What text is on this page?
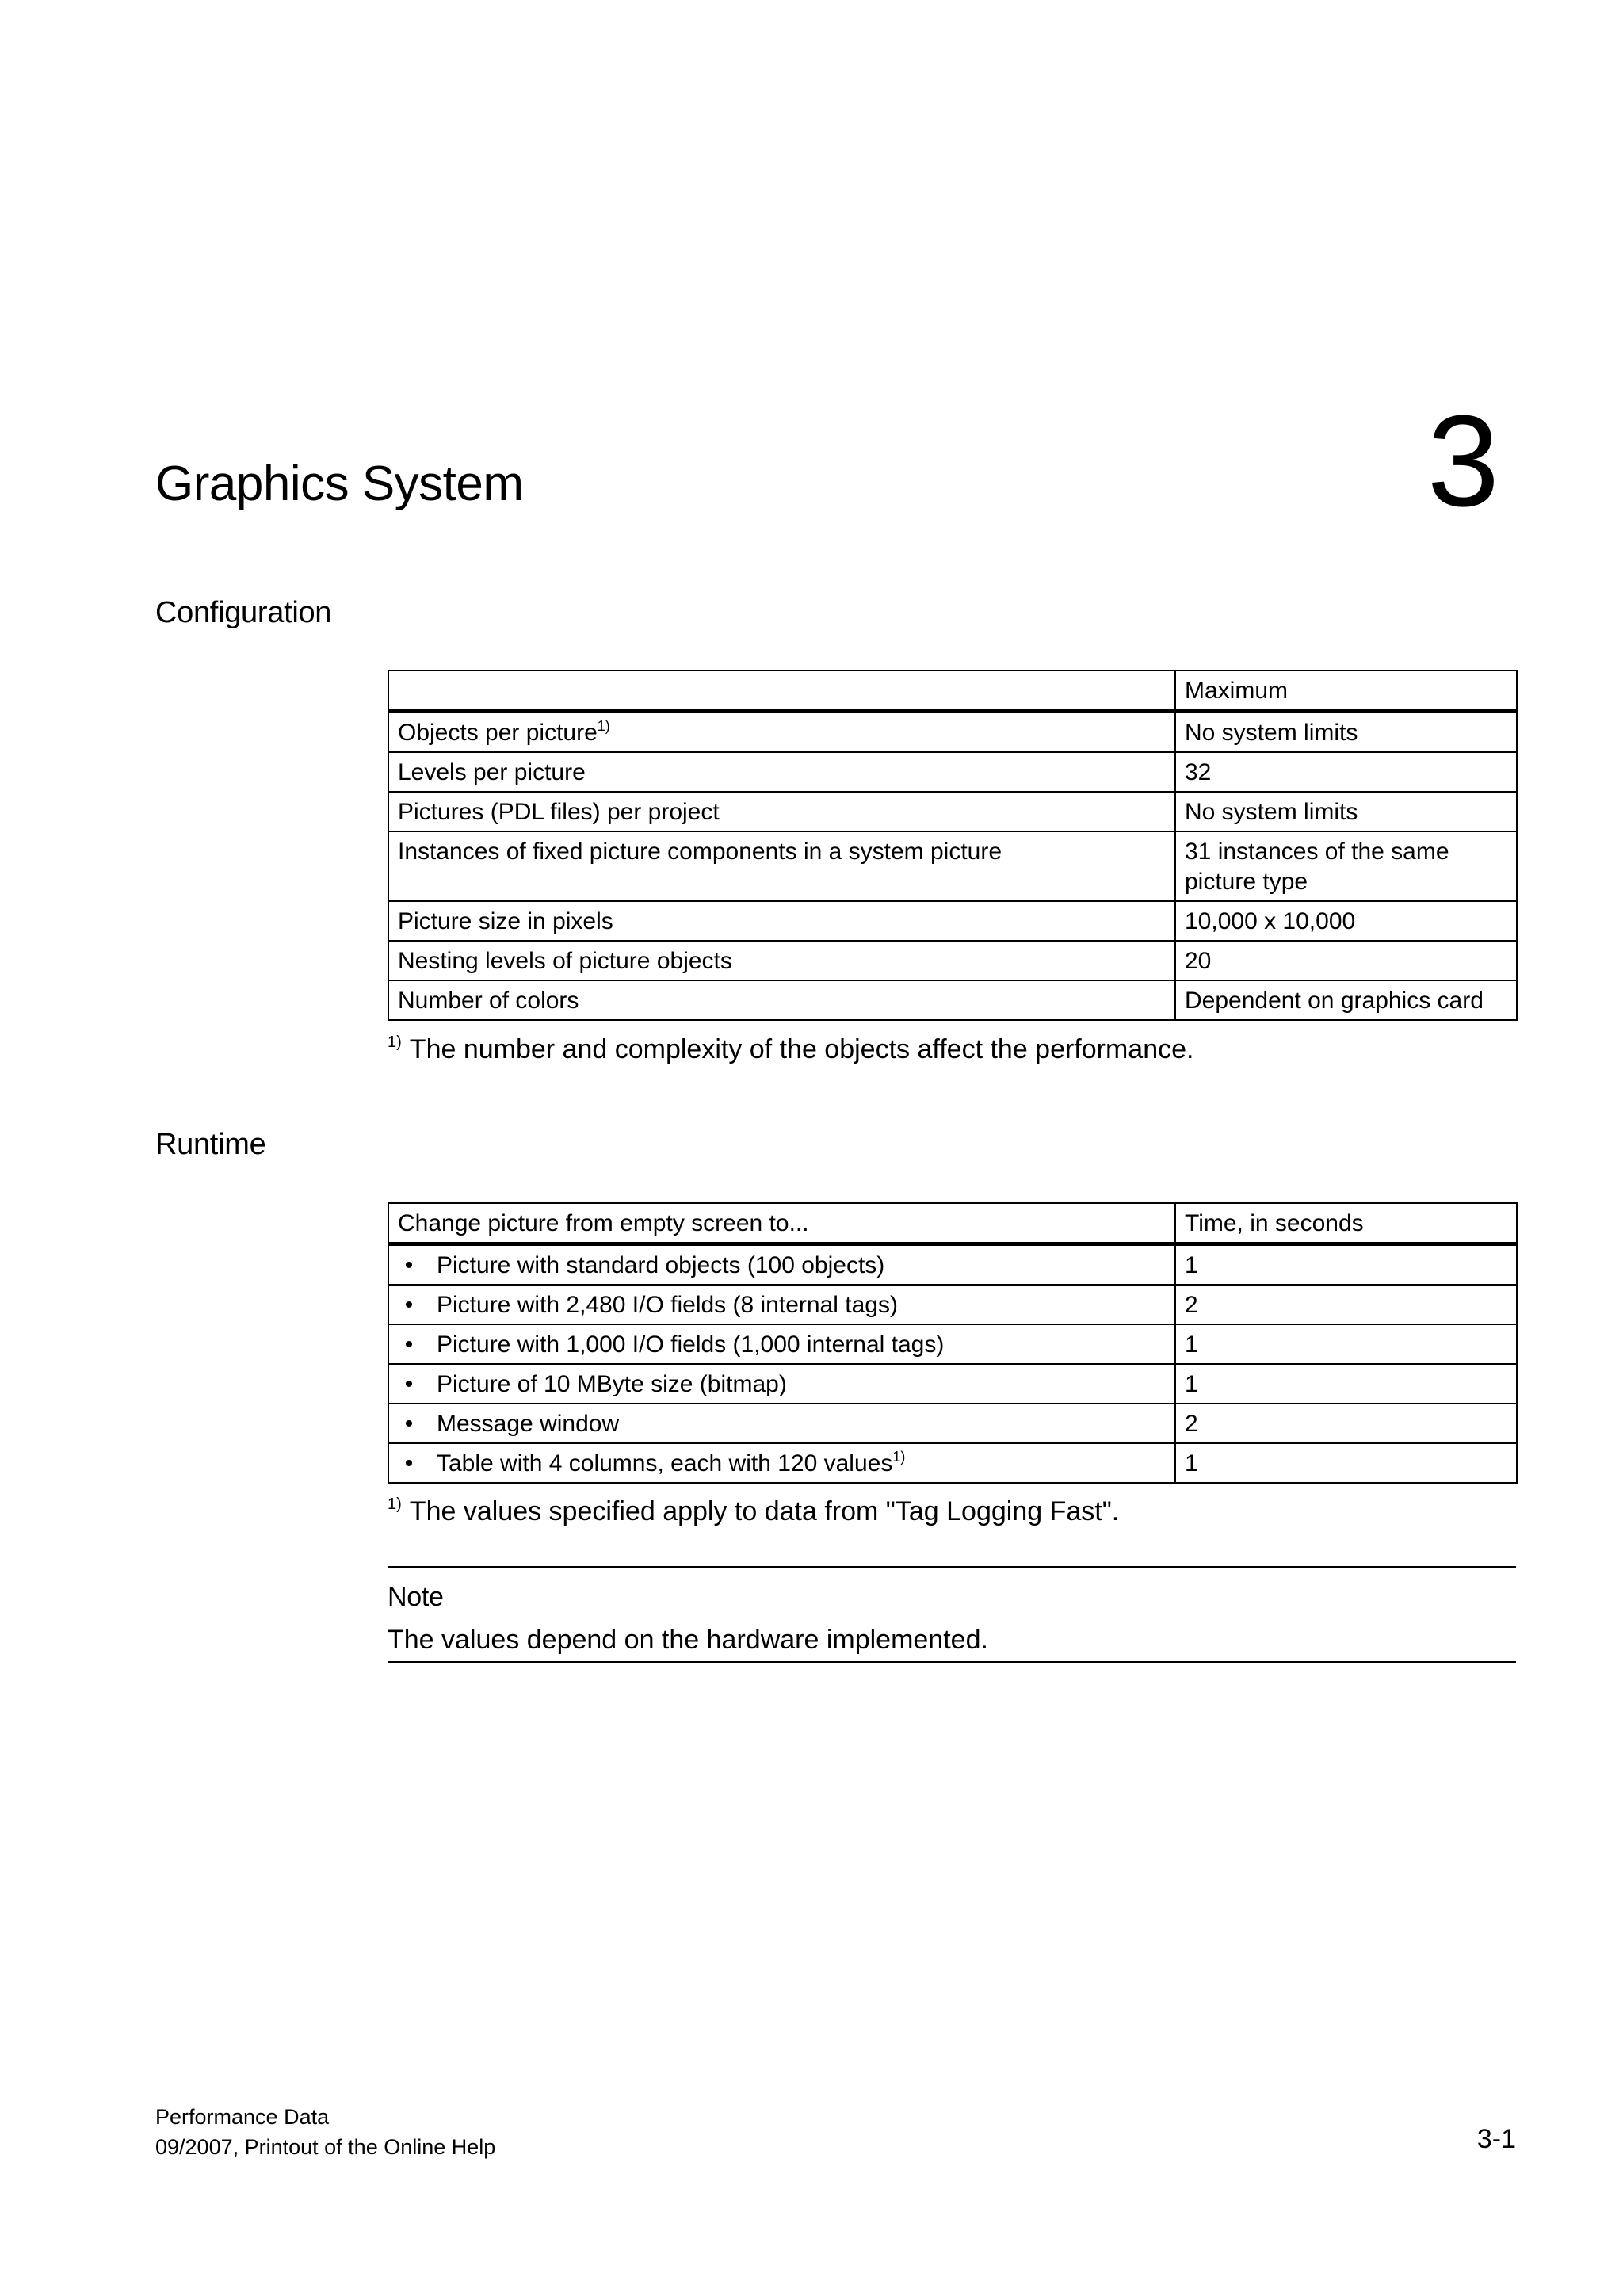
Graphics System	3
Configuration
	Maximum
Objects per picture$^{1)}$	No system limits
Levels per picture	32
Pictures (PDL files) per project	No system limits
Instances of fixed picture components in a system picture	31 instances of the same picture type
Picture size in pixels	10,000 x 10,000
Nesting levels of picture objects	20
Number of colors	Dependent on graphics card
$^{1)}$ The number and complexity of the objects affect the performance.
Runtime
Change picture from empty screen to...	Time, in seconds

• Picture with standard objects (100 objects)	1

• Picture with 2,480 I/O fields (8 internal tags)	2

• Picture with 1,000 I/O fields (1,000 internal tags)	1

• Picture of 10 MByte size (bitmap)	1

• Message window	2

• Table with 4 columns, each with 120 values$^{1)}$	1
$^{1)}$ The values specified apply to data from "Tag Logging Fast".
Note
The values depend on the hardware implemented.
Performance Data
09/2007, Printout of the Online Help	3-1
